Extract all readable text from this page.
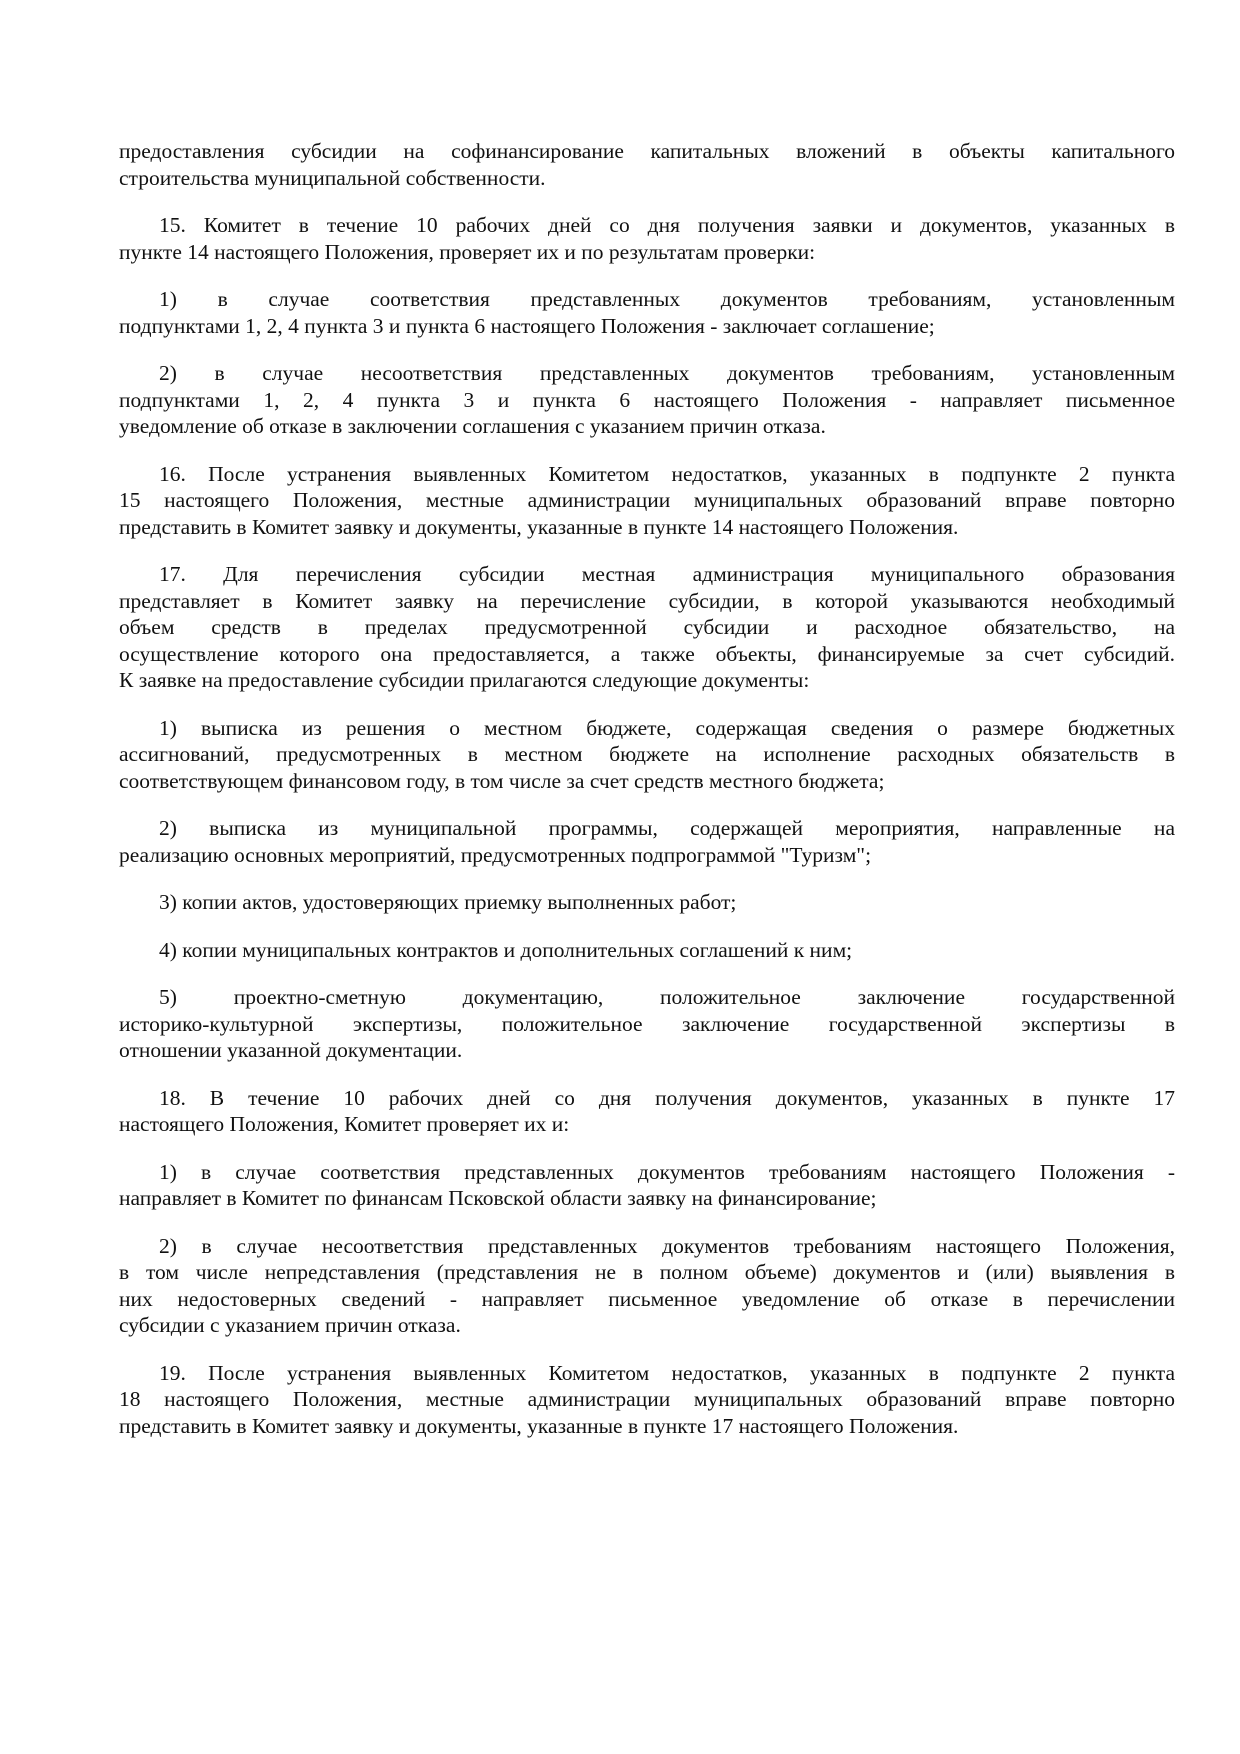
предоставления субсидии на софинансирование капитальных вложений в объекты капитального
строительства муниципальной собственности.
15. Комитет в течение 10 рабочих дней со дня получения заявки и документов, указанных в
пункте 14 настоящего Положения, проверяет их и по результатам проверки:
1) в случае соответствия представленных документов требованиям, установленным
подпунктами 1, 2, 4 пункта 3 и пункта 6 настоящего Положения - заключает соглашение;
2) в случае несоответствия представленных документов требованиям, установленным
подпунктами 1, 2, 4 пункта 3 и пункта 6 настоящего Положения - направляет письменное
уведомление об отказе в заключении соглашения с указанием причин отказа.
16. После устранения выявленных Комитетом недостатков, указанных в подпункте 2 пункта
15 настоящего Положения, местные администрации муниципальных образований вправе повторно
представить в Комитет заявку и документы, указанные в пункте 14 настоящего Положения.
17. Для перечисления субсидии местная администрация муниципального образования
представляет в Комитет заявку на перечисление субсидии, в которой указываются необходимый
объем средств в пределах предусмотренной субсидии и расходное обязательство, на
осуществление которого она предоставляется, а также объекты, финансируемые за счет субсидий.
К заявке на предоставление субсидии прилагаются следующие документы:
1) выписка из решения о местном бюджете, содержащая сведения о размере бюджетных
ассигнований, предусмотренных в местном бюджете на исполнение расходных обязательств в
соответствующем финансовом году, в том числе за счет средств местного бюджета;
2) выписка из муниципальной программы, содержащей мероприятия, направленные на
реализацию основных мероприятий, предусмотренных подпрограммой "Туризм";
3) копии актов, удостоверяющих приемку выполненных работ;
4) копии муниципальных контрактов и дополнительных соглашений к ним;
5) проектно-сметную документацию, положительное заключение государственной
историко-культурной экспертизы, положительное заключение государственной экспертизы в
отношении указанной документации.
18. В течение 10 рабочих дней со дня получения документов, указанных в пункте 17
настоящего Положения, Комитет проверяет их и:
1) в случае соответствия представленных документов требованиям настоящего Положения -
направляет в Комитет по финансам Псковской области заявку на финансирование;
2) в случае несоответствия представленных документов требованиям настоящего Положения,
в том числе непредставления (представления не в полном объеме) документов и (или) выявления в
них недостоверных сведений - направляет письменное уведомление об отказе в перечислении
субсидии с указанием причин отказа.
19. После устранения выявленных Комитетом недостатков, указанных в подпункте 2 пункта
18 настоящего Положения, местные администрации муниципальных образований вправе повторно
представить в Комитет заявку и документы, указанные в пункте 17 настоящего Положения.
